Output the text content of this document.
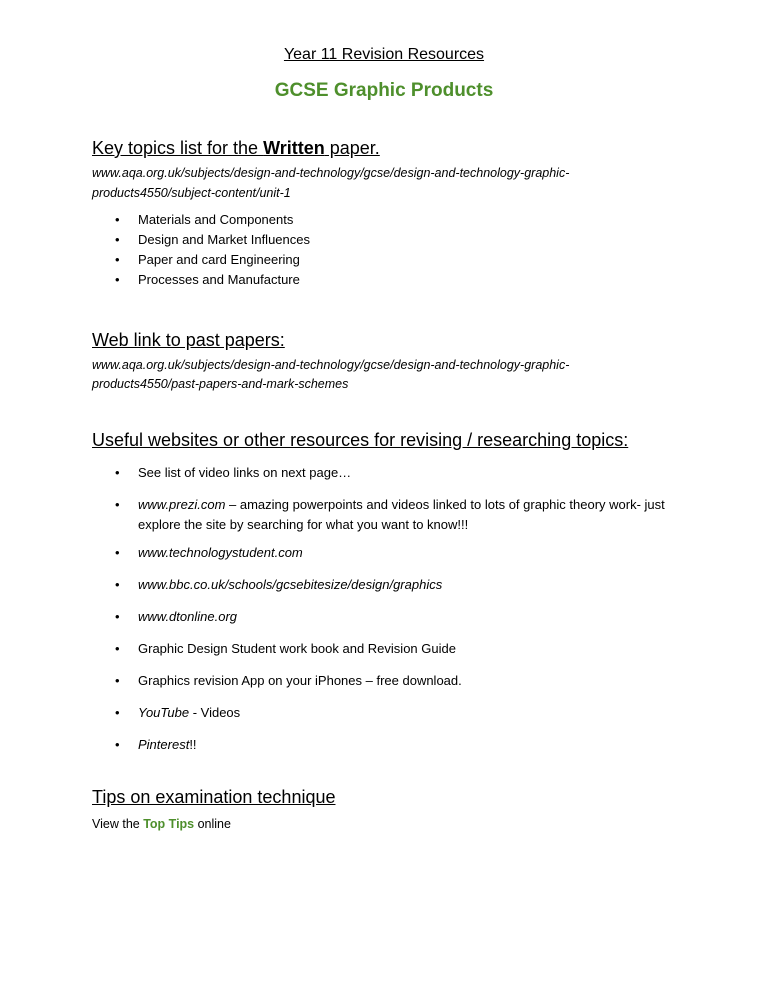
Year 11 Revision Resources
GCSE Graphic Products
Key topics list for the Written paper.
www.aqa.org.uk/subjects/design-and-technology/gcse/design-and-technology-graphic-
products4550/subject-content/unit-1
• Materials and Components
• Design and Market Influences
• Paper and card Engineering
• Processes and Manufacture
Web link to past papers:
www.aqa.org.uk/subjects/design-and-technology/gcse/design-and-technology-graphic-
products4550/past-papers-and-mark-schemes
Useful websites or other resources for revising / researching topics:
• See list of video links on next page…
• www.prezi.com – amazing powerpoints and videos linked to lots of graphic theory work- just
explore the site by searching for what you want to know!!!
• www.technologystudent.com
• www.bbc.co.uk/schools/gcsebitesize/design/graphics
• www.dtonline.org
• Graphic Design Student work book and Revision Guide
• Graphics revision App on your iPhones – free download.
• YouTube - Videos
• Pinterest!!
Tips on examination technique
View the Top Tips online
